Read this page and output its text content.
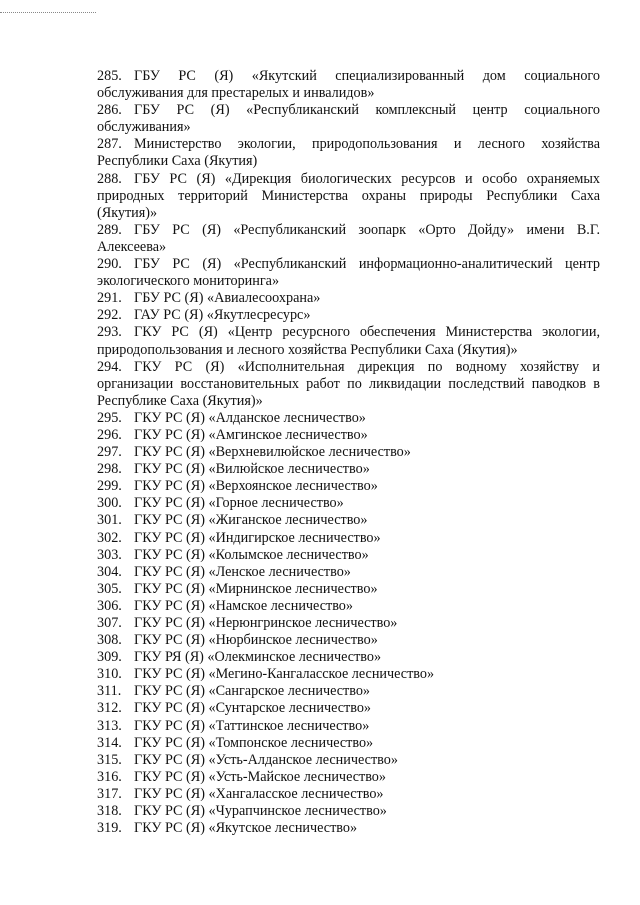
285. ГБУ РС (Я) «Якутский специализированный дом социального обслуживания для престарелых и инвалидов»
286. ГБУ РС (Я) «Республиканский комплексный центр социального обслуживания»
287. Министерство экологии, природопользования и лесного хозяйства Республики Саха (Якутия)
288. ГБУ РС (Я) «Дирекция биологических ресурсов и особо охраняемых природных территорий Министерства охраны природы Республики Саха (Якутия)»
289. ГБУ РС (Я) «Республиканский зоопарк «Орто Дойду» имени В.Г. Алексеева»
290. ГБУ РС (Я) «Республиканский информационно-аналитический центр экологического мониторинга»
291. ГБУ РС (Я) «Авиалесоохрана»
292. ГАУ РС (Я) «Якутлесресурс»
293. ГКУ РС (Я) «Центр ресурсного обеспечения Министерства экологии, природопользования и лесного хозяйства Республики Саха (Якутия)»
294. ГКУ РС (Я) «Исполнительная дирекция по водному хозяйству и организации восстановительных работ по ликвидации последствий паводков в Республике Саха (Якутия)»
295. ГКУ РС (Я) «Алданское лесничество»
296. ГКУ РС (Я) «Амгинское лесничество»
297. ГКУ РС (Я) «Верхневилюйское лесничество»
298. ГКУ РС (Я) «Вилюйское лесничество»
299. ГКУ РС (Я) «Верхоянское лесничество»
300. ГКУ РС (Я) «Горное лесничество»
301. ГКУ РС (Я) «Жиганское лесничество»
302. ГКУ РС (Я) «Индигирское лесничество»
303. ГКУ РС (Я) «Колымское лесничество»
304. ГКУ РС (Я) «Ленское лесничество»
305. ГКУ РС (Я) «Мирнинское лесничество»
306. ГКУ РС (Я) «Намское лесничество»
307. ГКУ РС (Я) «Нерюнгринское лесничество»
308. ГКУ РС (Я) «Нюрбинское лесничество»
309. ГКУ РЯ (Я) «Олекминское лесничество»
310. ГКУ РС (Я) «Мегино-Кангаласское лесничество»
311. ГКУ РС (Я) «Сангарское лесничество»
312. ГКУ РС (Я) «Сунтарское лесничество»
313. ГКУ РС (Я) «Таттинское лесничество»
314. ГКУ РС (Я) «Томпонское лесничество»
315. ГКУ РС (Я) «Усть-Алданское лесничество»
316. ГКУ РС (Я) «Усть-Майское лесничество»
317. ГКУ РС (Я) «Хангаласское лесничество»
318. ГКУ РС (Я) «Чурапчинское лесничество»
319. ГКУ РС (Я) «Якутское лесничество»
